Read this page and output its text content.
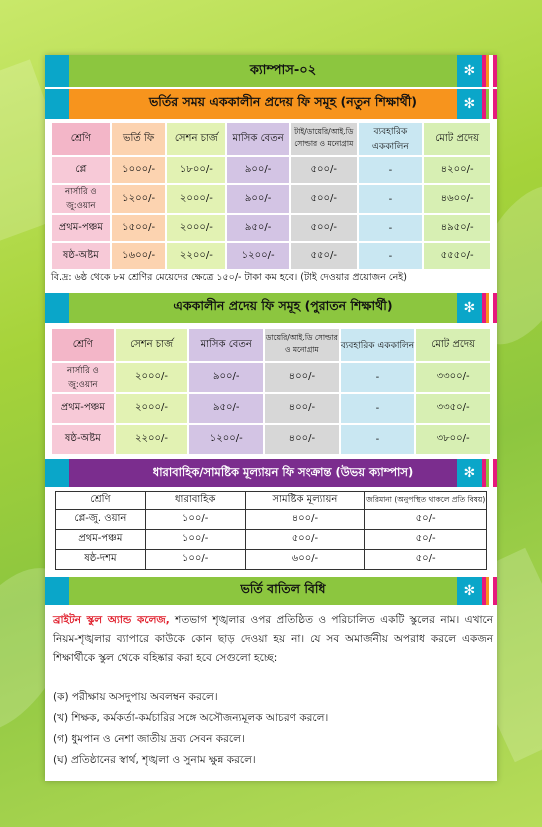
ক্যাম্পাস-০২	✻
ভর্তির সময় এককালীন প্রদেয় ফি সমূহ (নতুন শিক্ষার্থী)	✻
শ্রেণি	ভর্তি ফি	সেশন চার্জ	মাসিক বেতন	টাই/ডায়েরি/আই.ডি সোল্ডার ও মনোগ্রাম	ব্যবহারিক এককালিন	মোট প্রদেয়
প্লে	১০০০/-	১৮০০/-	৯০০/-	৫০০/-	-	৪২০০/-
নার্সারি ও জু:ওয়ান	১২০০/-	২০০০/-	৯০০/-	৫০০/-	-	৪৬০০/-
প্রথম-পঞ্চম	১৫০০/-	২০০০/-	৯৫০/-	৫০০/-	-	৪৯৫০/-
ষষ্ঠ-অষ্টম	১৬০০/-	২২০০/-	১২০০/-	৫৫০/-	-	৫৫৫০/-
বি.দ্র: ৬ষ্ঠ থেকে ৮ম শ্রেণির মেয়েদের ক্ষেত্রে ১৫০/- টাকা কম হবে। (টাই দেওয়ার প্রয়োজন নেই)
এককালীন প্রদেয় ফি সমূহ (পুরাতন শিক্ষার্থী)	✻
শ্রেণি	সেশন চার্জ	মাসিক বেতন	ডায়েরি/আই.ডি সোল্ডার ও মনোগ্রাম	ব্যবহারিক এককালিন	মোট প্রদেয়
নার্সারি ও জু:ওয়ান	২০০০/-	৯০০/-	৪০০/-	-	৩৩০০/-
প্রথম-পঞ্চম	২০০০/-	৯৫০/-	৪০০/-	-	৩৩৫০/-
ষষ্ঠ-অষ্টম	২২০০/-	১২০০/-	৪০০/-	-	৩৮০০/-
ধারাবাহিক/সামষ্টিক মূল্যায়ন ফি সংক্রান্ত (উভয় ক্যাম্পাস)	✻
শ্রেণি	ধারাবাহিক	সামষ্টিক মূল্যায়ন	জরিমানা (অনুপস্থিত থাকলে প্রতি বিষয়)
প্লে-জু. ওয়ান	১০০/-	৪০০/-	৫০/-
প্রথম-পঞ্চম	১০০/-	৫০০/-	৫০/-
ষষ্ঠ-দশম	১০০/-	৬০০/-	৫০/-
ভর্তি বাতিল বিধি	✻
ব্রাইটন স্কুল অ্যান্ড কলেজ, শতভাগ শৃঙ্খলার ওপর প্রতিষ্ঠিত ও পরিচালিত একটি স্কুলের নাম। এখানে নিয়ম-শৃঙ্খলার ব্যাপারে কাউকে কোন ছাড় দেওয়া হয় না। যে সব অমার্জনীয় অপরাধ করলে একজন শিক্ষার্থীকে স্কুল থেকে বহিষ্কার করা হবে সেগুলো হচ্ছে:
(ক) পরীক্ষায় অসদুপায় অবলম্বন করলে।
(খ) শিক্ষক, কর্মকর্তা-কর্মচারির সঙ্গে অসৌজন্যমূলক আচরণ করলে।
(গ) ধুমপান ও নেশা জাতীয় দ্রব্য সেবন করলে।
(ঘ) প্রতিষ্ঠানের স্বার্থ, শৃঙ্খলা ও সুনাম ক্ষুন্ন করলে।
